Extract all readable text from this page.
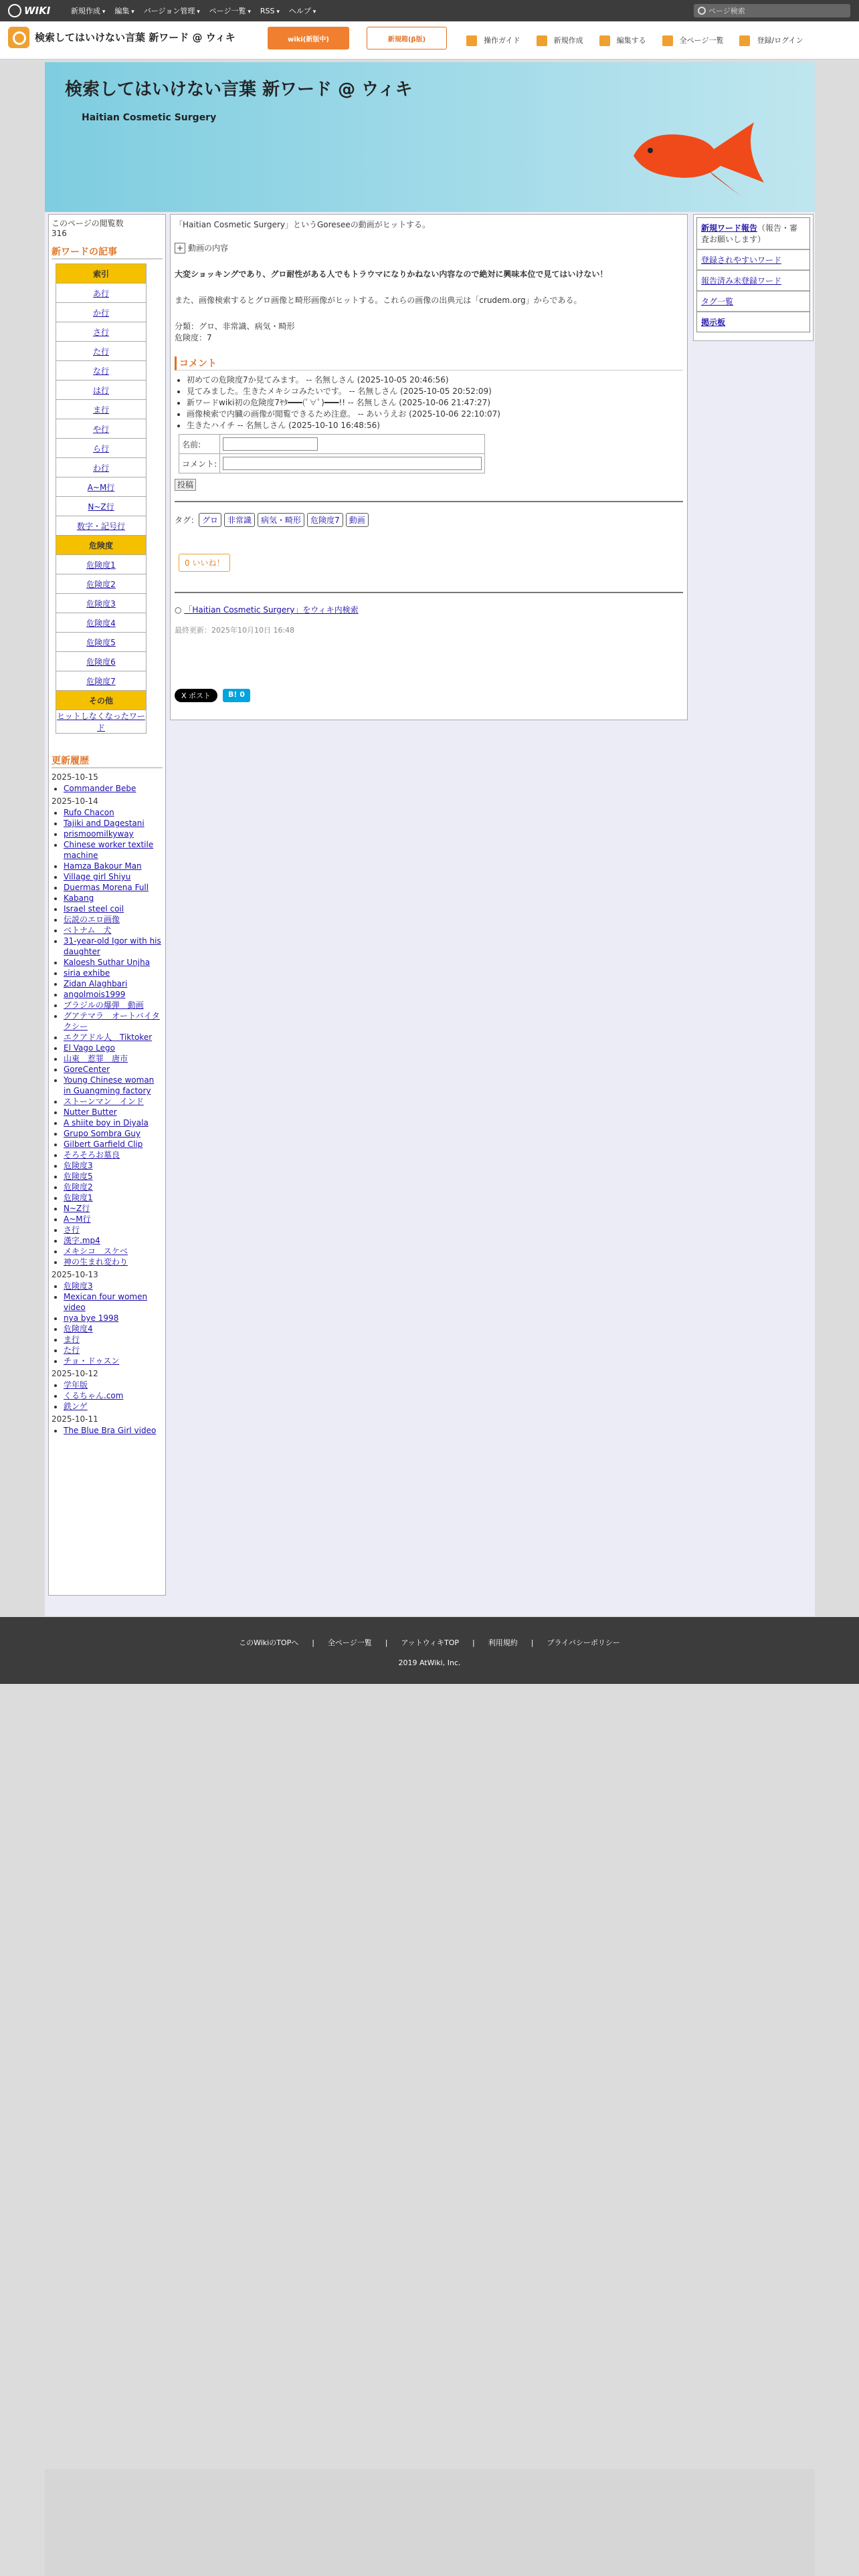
WIKI	新規作成 ▾	編集 ▾	バージョン管理 ▾	ページ一覧 ▾	RSS ▾	ヘルプ ▾	ページ検索
検索してはいけない言葉 新ワード @ ウィキ	wiki(新版中)	新規箱(β版)	操作ガイド	新規作成	編集する	全ページ一覧	登録/ログイン
検索してはいけない言葉 新ワード @ ウィキ
Haitian Cosmetic Surgery
このページの閲覧数
316
新ワードの記事
索引
あ行
か行
さ行
た行
な行
は行
ま行
や行
ら行
わ行
A~M行
N~Z行
数字・記号行
危険度
危険度1
危険度2
危険度3
危険度4
危険度5
危険度6
危険度7
その他
ヒットしなくなったワード
更新履歴
2025-10-15
• Commander Bebe
2025-10-14
• Rufo Chacon
• Tajiki and Dagestani
• prismoomilkyway
• Chinese worker textile machine
• Hamza Bakour Man
• Village girl Shiyu
• Duermas Morena Full
• Kabang
• Israel steel coil
• 伝説のエロ画像
• ベトナム　犬
• 31-year-old Igor with his daughter
• Kaloesh Suthar Unjha
• siria exhibe
• Zidan Alaghbari
• angolmois1999
• ブラジルの爆弾　動画
• グアテマラ　オートバイタクシー
• エクアドル人　Tiktoker
• El Vago Lego
• 山東　惹罪　唐市
• GoreCenter
• Young Chinese woman in Guangming factory
• ストーンマン　インド
• Nutter Butter
• A shiite boy in Diyala
• Grupo Sombra Guy
• Gilbert Garfield Clip
• そろそろお墓良
• 危険度3
• 危険度5
• 危険度2
• 危険度1
• N~Z行
• A~M行
• さ行
• 漢字.mp4
• メキシコ　スケベ
• 神の生まれ変わり
2025-10-13
• 危険度3
• Mexican four women video
• nya bye 1998
• 危険度4
• ま行
• た行
• チョ・ドゥスン
2025-10-12
• 学年版
• くるちゃん.com
• 鉄ンゲ
2025-10-11
• The Blue Bra Girl video

「Haitian Cosmetic Surgery」というGoreseeの動画がヒットする。

+ 動画の内容

大変ショッキングであり、グロ耐性がある人でもトラウマになりかねない内容なので絶対に興味本位で見てはいけない！

また、画像検索するとグロ画像と畸形画像がヒットする。これらの画像の出典元は「crudem.org」からである。

分類：グロ、非常識、病気・畸形

危険度：7

コメント
• 初めての危険度7か見てみます。 -- 名無しさん (2025-10-05 20:46:56)
• 見てみました。生きたメキシコみたいです。 -- 名無しさん (2025-10-05 20:52:09)
• 新ワードwiki初の危険度7ﾔﾀ━━━(ﾟ∀ﾟ)━━━!! -- 名無しさん (2025-10-06 21:47:27)
• 画像検索で内臓の画像が閲覧できるため注意。 -- あいうえお (2025-10-06 22:10:07)
• 生きたハイチ -- 名無しさん (2025-10-10 16:48:56)
名前:	

コメント:	
投稿
タグ： グロ 非常識 病気・畸形 危険度7 動画
0 いいね！
○ 「Haitian Cosmetic Surgery」をウィキ内検索
最終更新：2025年10月10日 16:48
X ポスト	B! 0
新規ワード報告（報告・審査お願いします）
登録されやすいワード
報告済み未登録ワード
タグ一覧
掲示板
このWikiのTOPへ | 全ページ一覧 | アットウィキTOP | 利用規約 | プライバシーポリシー
2019 AtWiki, Inc.
